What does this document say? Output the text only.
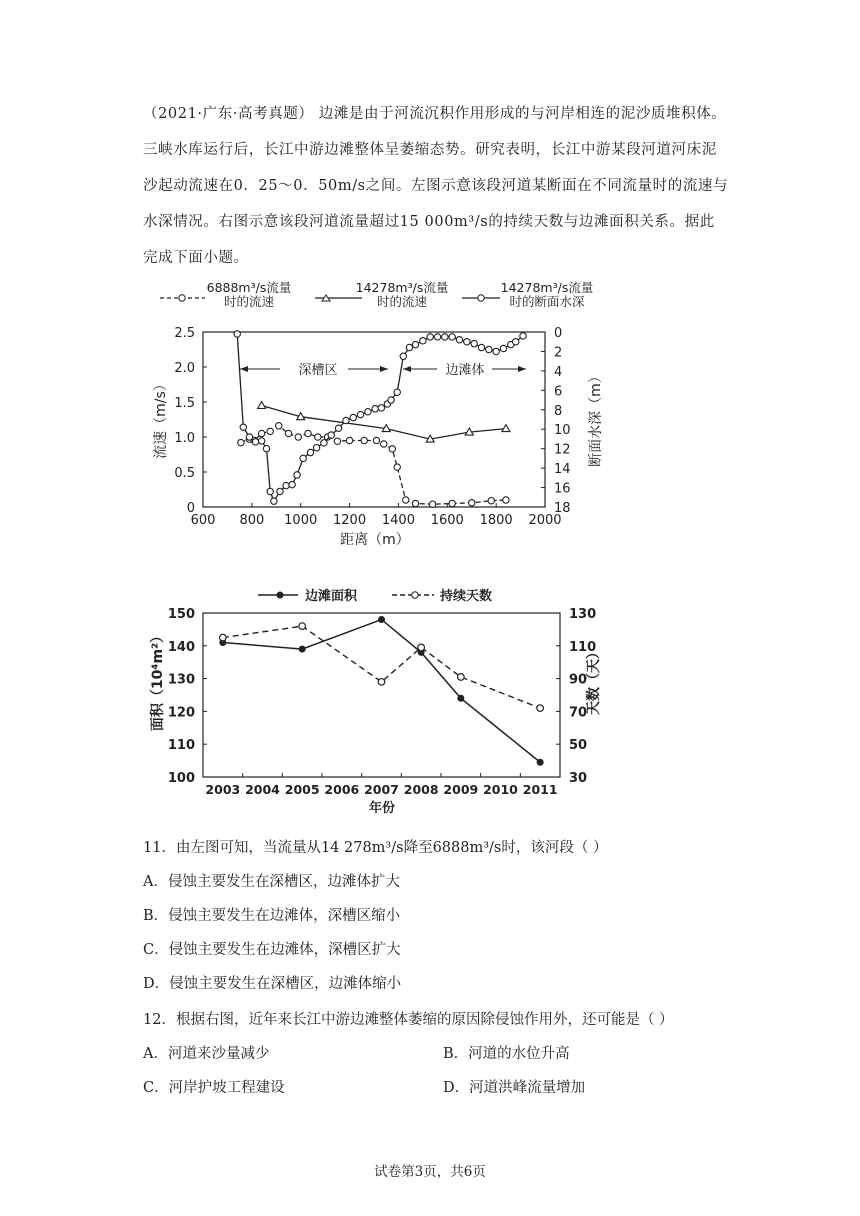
（2021·广东·高考真题） 边滩是由于河流沉积作用形成的与河岸相连的泥沙质堆积体。
三峡水库运行后，长江中游边滩整体呈萎缩态势。研究表明，长江中游某段河道河床泥
沙起动流速在0．25～0．50m/s之间。左图示意该段河道某断面在不同流量时的流速与
水深情况。右图示意该段河道流量超过15 000m³/s的持续天数与边滩面积关系。据此
完成下面小题。
6888m³/s流量时的流速
14278m³/s流量时的流速
14278m³/s流量时的断面水深
600 800 1000 1200 1400 1600 1800 2000
0
0.5
1.0
1.5
2.0
2.5	0
2
4
6
8
10
12
14
16
18
深槽区	边滩体
距离（m）
流速（m/s）	断面水深（m）
边滩面积	持续天数
2003 2004 2005 2006 2007 2008 2009 2010 2011
100
110
120
130
140
150
30
50
70
90
110
130
年份
面积（10⁴m²）	天数（天）
11．由左图可知，当流量从14 278m³/s降至6888m³/s时，该河段（ ）
A．侵蚀主要发生在深槽区，边滩体扩大
B．侵蚀主要发生在边滩体，深槽区缩小
C．侵蚀主要发生在边滩体，深槽区扩大
D．侵蚀主要发生在深槽区，边滩体缩小
12．根据右图，近年来长江中游边滩整体萎缩的原因除侵蚀作用外，还可能是（ ）
A．河道来沙量减少	B．河道的水位升高
C．河岸护坡工程建设	D．河道洪峰流量增加
试卷第3页，共6页
